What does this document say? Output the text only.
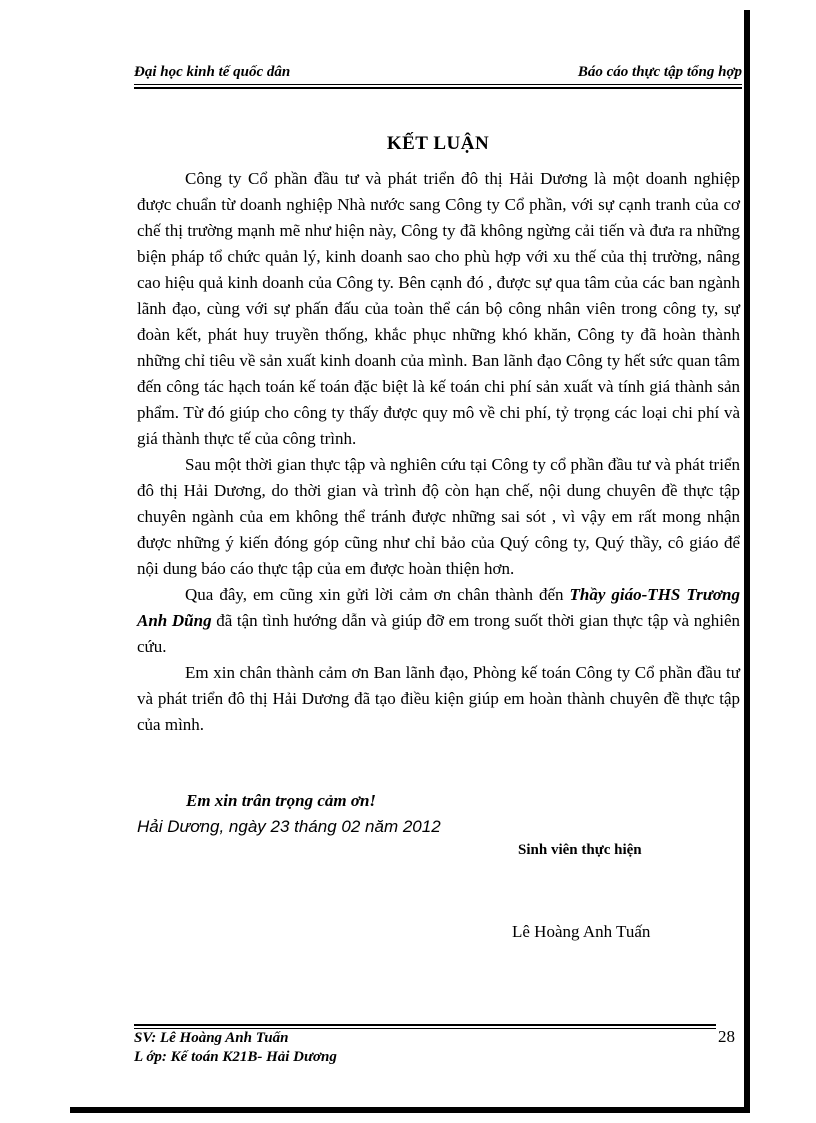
Đại học kinh tế quốc dân	Báo cáo thực tập tổng hợp
KẾT LUẬN

Công ty Cổ phần đầu tư và phát triển đô thị Hải Dương là một doanh nghiệp được chuẩn từ doanh nghiệp Nhà nước sang Công ty Cổ phần, với sự cạnh tranh của cơ chế thị trường mạnh mẽ như hiện này, Công ty đã không ngừng cải tiến và đưa ra những biện pháp tổ chức quản lý, kinh doanh sao cho phù hợp với xu thế của thị trường, nâng cao hiệu quả kinh doanh của Công ty. Bên cạnh đó , được sự qua tâm của các ban ngành lãnh đạo, cùng với sự phấn đấu của toàn thể cán bộ công nhân viên trong công ty, sự đoàn kết, phát huy truyền thống, khắc phục những khó khăn, Công ty đã hoàn thành những chỉ tiêu về sản xuất kinh doanh của mình. Ban lãnh đạo Công ty hết sức quan tâm đến công tác hạch toán kế toán đặc biệt là kế toán chi phí sản xuất và tính giá thành sản phẩm. Từ đó giúp cho công ty thấy được quy mô về chi phí, tỷ trọng các loại chi phí và giá thành thực tế của công trình.

Sau một thời gian thực tập và nghiên cứu tại Công ty cổ phần đầu tư và phát triển đô thị Hải Dương, do thời gian và trình độ còn hạn chế, nội dung chuyên đề thực tập chuyên ngành của em không thể tránh được những sai sót , vì vậy em rất mong nhận được những ý kiến đóng góp cũng như chỉ bảo của Quý công ty, Quý thầy, cô giáo để nội dung báo cáo thực tập của em được hoàn thiện hơn.

Qua đây, em cũng xin gửi lời cảm ơn chân thành đến Thầy giáo-THS Trương Anh Dũng đã tận tình hướng dẫn và giúp đỡ em trong suốt thời gian thực tập và nghiên cứu.

Em xin chân thành cảm ơn Ban lãnh đạo, Phòng kế toán Công ty Cổ phần đầu tư và phát triển đô thị Hải Dương đã tạo điều kiện giúp em hoàn thành chuyên đề thực tập của mình.

Em xin trân trọng cảm ơn!
Hải Dương, ngày 23 tháng 02 năm 2012
Sinh viên thực hiện
Lê Hoàng Anh Tuấn
SV: Lê Hoàng Anh Tuấn
L ớp: Kế toán K21B- Hải Dương
28
